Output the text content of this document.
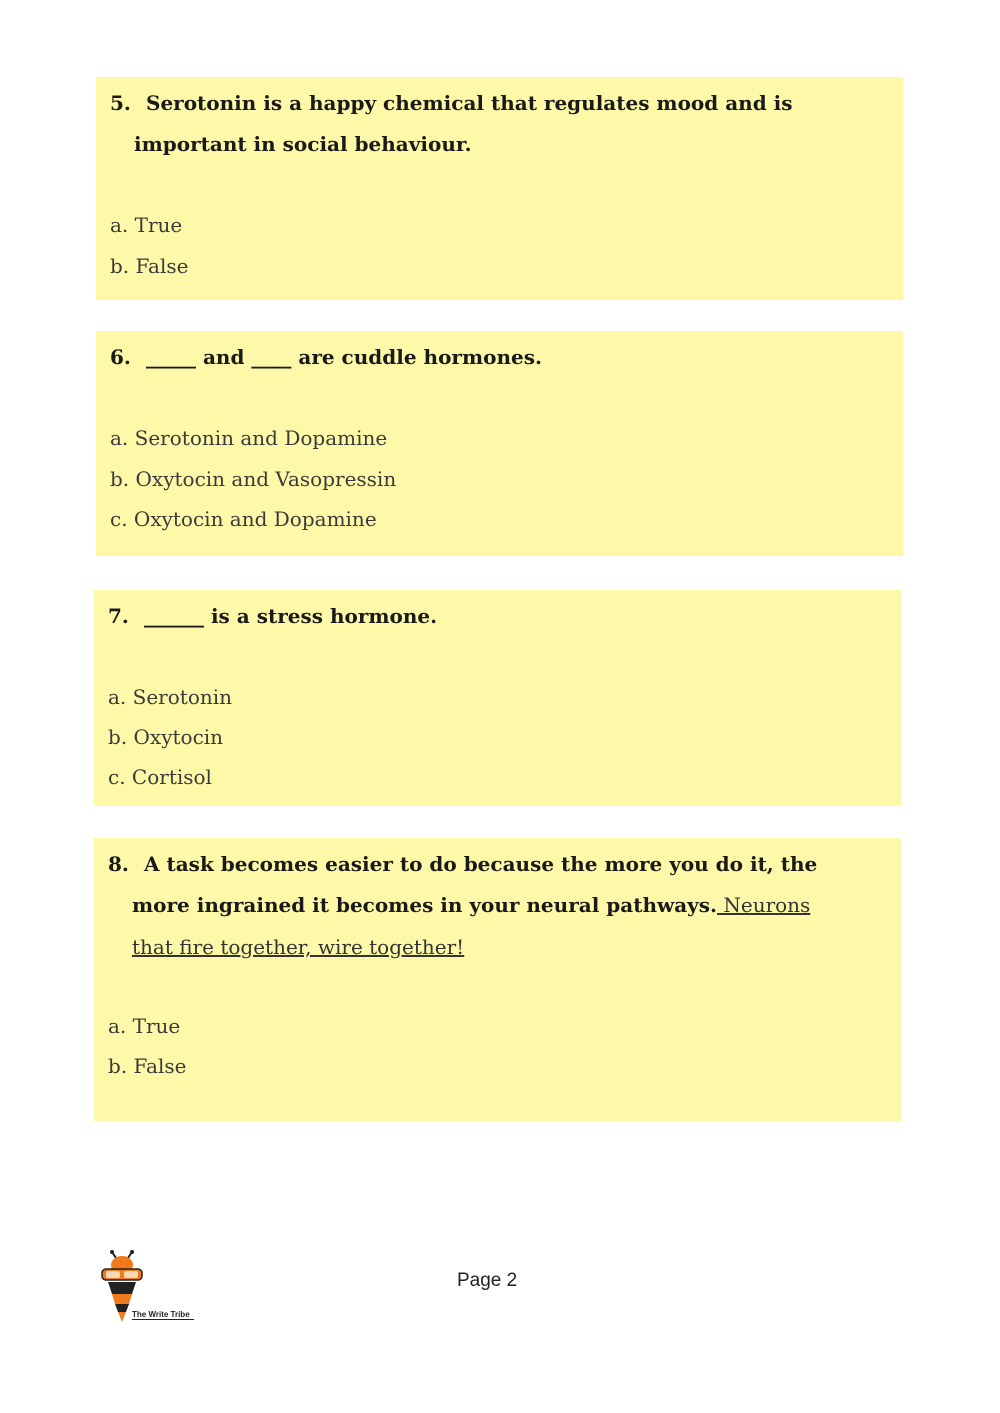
5. Serotonin is a happy chemical that regulates mood and is
important in social behaviour.
a. True
b. False
6. _____ and ____ are cuddle hormones.
a. Serotonin and Dopamine
b. Oxytocin and Vasopressin
c. Oxytocin and Dopamine
7. ______ is a stress hormone.
a. Serotonin
b. Oxytocin
c. Cortisol
8. A task becomes easier to do because the more you do it, the
more ingrained it becomes in your neural pathways. Neurons
that fire together, wire together!
a. True
b. False
The Write Tribe
Page 2
